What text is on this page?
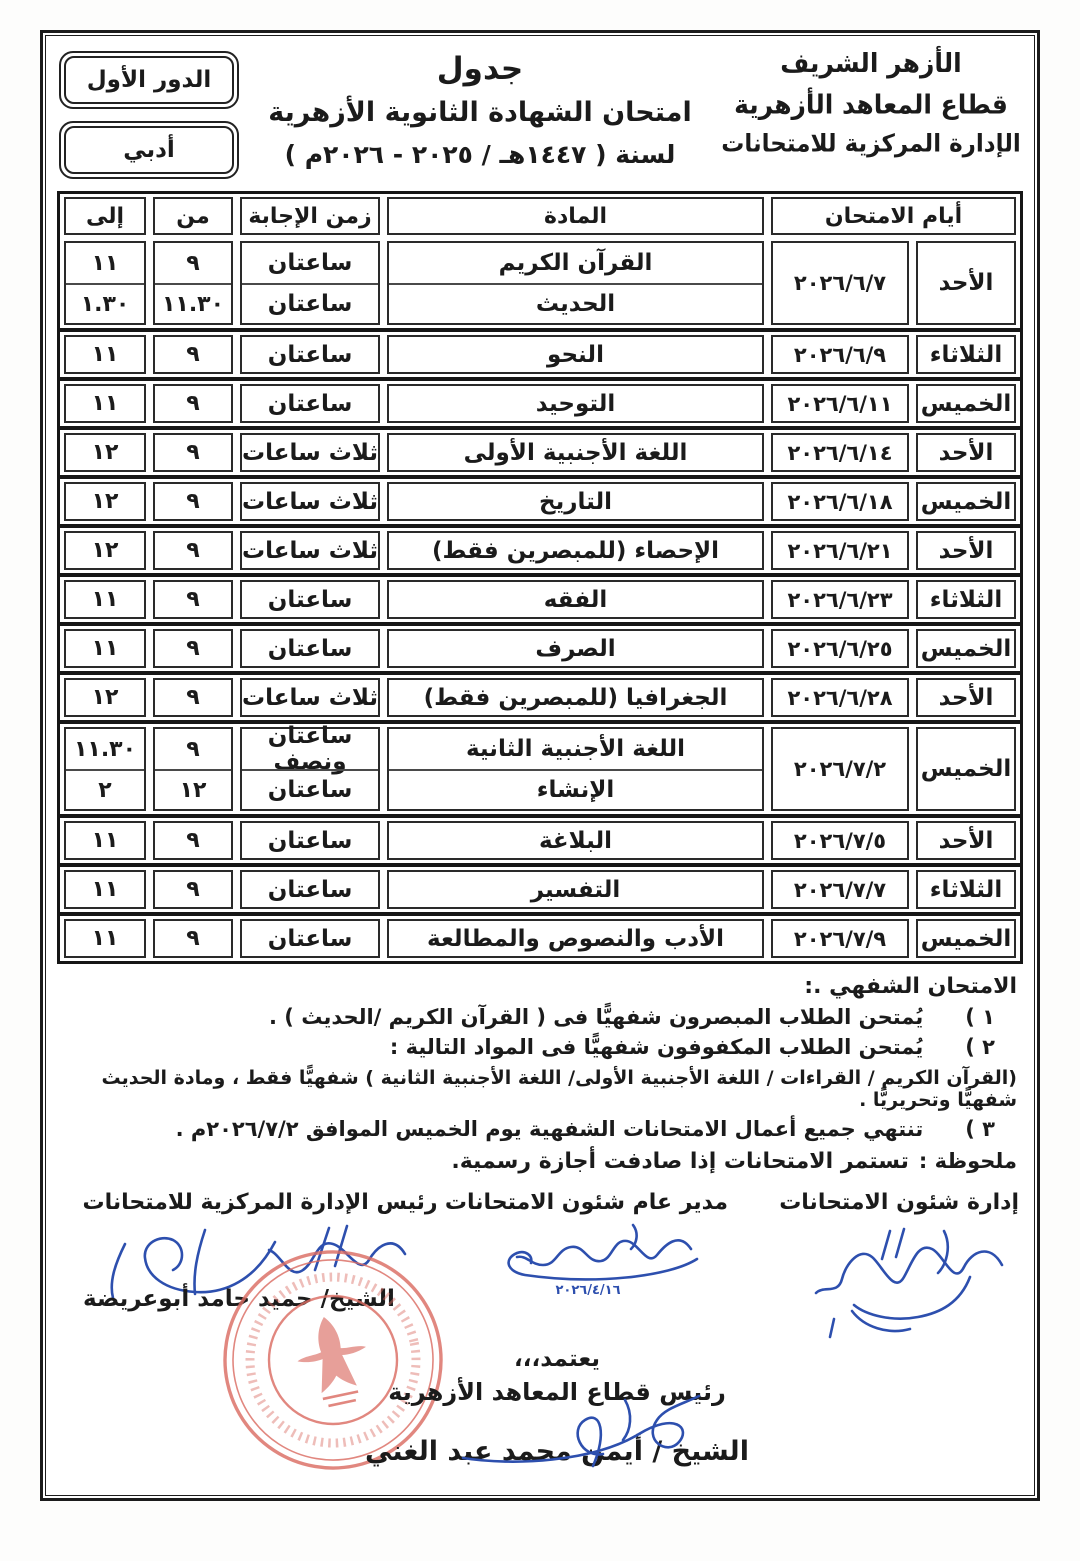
الأزهر الشريف
قطاع المعاهد الأزهرية
الإدارة المركزية للامتحانات
جدول
امتحان الشهادة الثانوية الأزهرية
لسنة ( ١٤٤٧هـ / ٢٠٢٥ - ٢٠٢٦م )
الدور الأول
أدبي
أيام الامتحان
المادة
زمن الإجابة
من
إلى
الأحد
٢٠٢٦/٦/٧
القرآن الكريم
الحديث
ساعتان
ساعتان
٩
١١.٣٠
١١
١.٣٠
الثلاثاء
٢٠٢٦/٦/٩
النحو
ساعتان
٩
١١
الخميس
٢٠٢٦/٦/١١
التوحيد
ساعتان
٩
١١
الأحد
٢٠٢٦/٦/١٤
اللغة الأجنبية الأولى
ثلاث ساعات
٩
١٢
الخميس
٢٠٢٦/٦/١٨
التاريخ
ثلاث ساعات
٩
١٢
الأحد
٢٠٢٦/٦/٢١
الإحصاء (للمبصرين فقط)
ثلاث ساعات
٩
١٢
الثلاثاء
٢٠٢٦/٦/٢٣
الفقه
ساعتان
٩
١١
الخميس
٢٠٢٦/٦/٢٥
الصرف
ساعتان
٩
١١
الأحد
٢٠٢٦/٦/٢٨
الجغرافيا (للمبصرين فقط)
ثلاث ساعات
٩
١٢
الخميس
٢٠٢٦/٧/٢
اللغة الأجنبية الثانية
الإنشاء
ساعتان ونصف
ساعتان
٩
١٢
١١.٣٠
٢
الأحد
٢٠٢٦/٧/٥
البلاغة
ساعتان
٩
١١
الثلاثاء
٢٠٢٦/٧/٧
التفسير
ساعتان
٩
١١
الخميس
٢٠٢٦/٧/٩
الأدب والنصوص والمطالعة
ساعتان
٩
١١
الامتحان الشفهي .:
١ )
يُمتحن الطلاب المبصرون شفهيًّا فى ( القرآن الكريم /الحديث ) .
٢ )
يُمتحن الطلاب المكفوفون شفهيًّا فى المواد التالية :
(القرآن الكريم / القراءات / اللغة الأجنبية الأولى/ اللغة الأجنبية الثانية ) شفهيًّا فقط ، ومادة الحديث شفهيًّا وتحريريًّا .
٣ )
تنتهي جميع أعمال الامتحانات الشفهية يوم الخميس الموافق ٢٠٢٦/٧/٢م .
ملحوظة :
تستمر الامتحانات إذا صادفت أجازة رسمية.
إدارة شئون الامتحانات
مدير عام شئون الامتحانات
٢٠٢٦/٤/١٦
رئيس الإدارة المركزية للامتحانات
الشيخ/ حميد حامد أبوعريضة
يعتمد،،،
رئيس قطاع المعاهد الأزهرية
الشيخ / أيمن محمد عبد الغني
